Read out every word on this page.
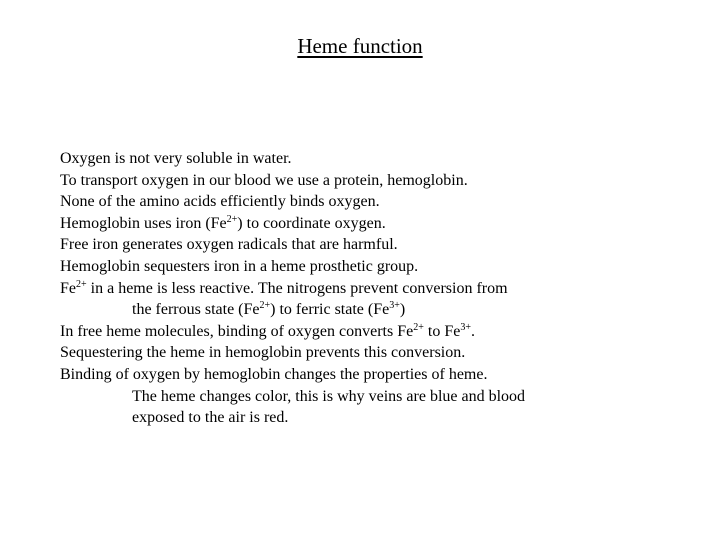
Heme function
Oxygen is not very soluble in water.
To transport oxygen in our blood we use a protein, hemoglobin.
None of the amino acids efficiently binds oxygen.
Hemoglobin uses iron $(Fe^{2+})$ to coordinate oxygen.
Free iron generates oxygen radicals that are harmful.
Hemoglobin sequesters iron in a heme prosthetic group.
$Fe^{2+}$ in a heme is less reactive. The nitrogens prevent conversion from
the ferrous state $(Fe^{2+})$ to ferric state $(Fe^{3+})$
In free heme molecules, binding of oxygen converts $Fe^{2+}$ to $Fe^{3+}$.
Sequestering the heme in hemoglobin prevents this conversion.
Binding of oxygen by hemoglobin changes the properties of heme.
The heme changes color, this is why veins are blue and blood
exposed to the air is red.
